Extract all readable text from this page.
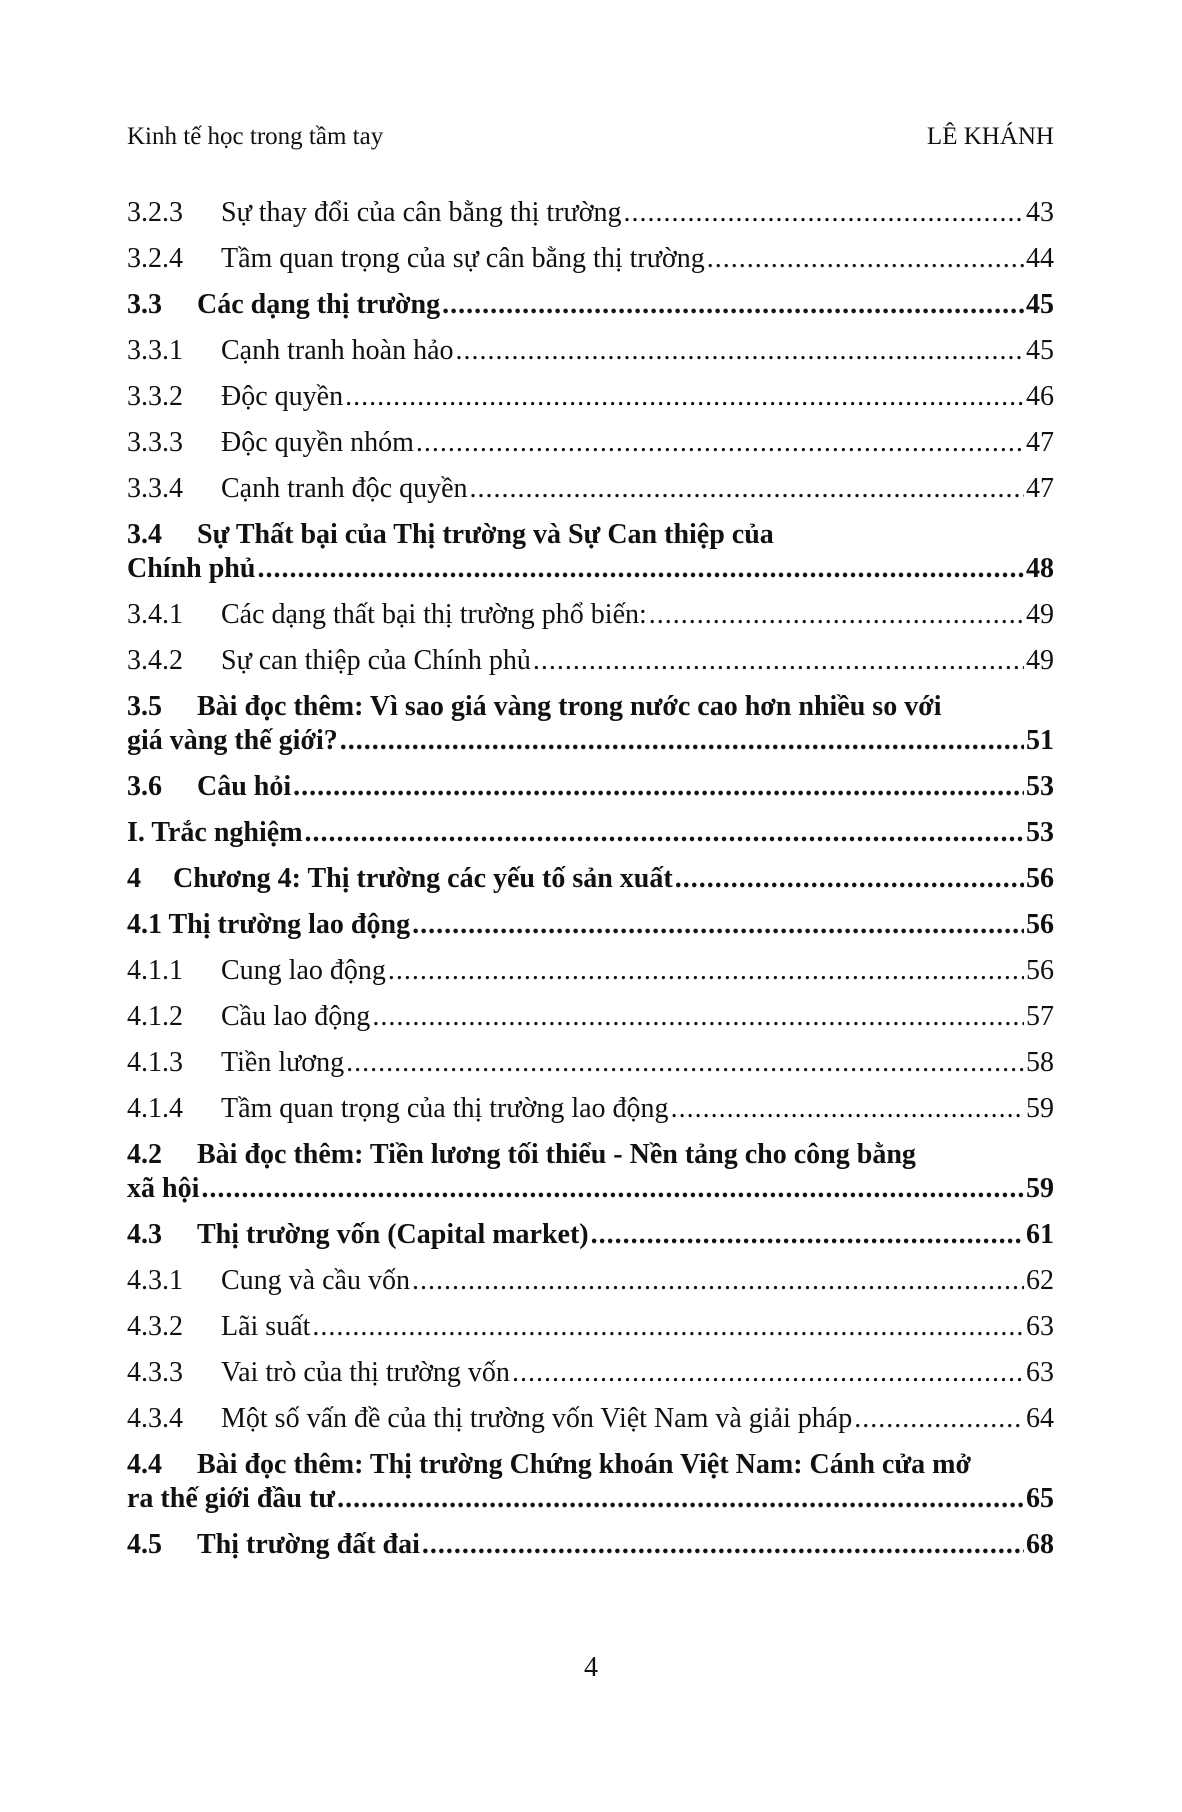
Kinh tế học trong tầm tay	LÊ KHÁNH
3.2.3	Sự thay đổi của cân bằng thị trường .....	43
3.2.4	Tầm quan trọng của sự cân bằng thị trường .....	44
3.3	Các dạng thị trường .....	45
3.3.1	Cạnh tranh hoàn hảo .....	45
3.3.2	Độc quyền .....	46
3.3.3	Độc quyền nhóm .....	47
3.3.4	Cạnh tranh độc quyền .....	47
3.4	Sự Thất bại của Thị trường và Sự Can thiệp của
Chính phủ .....	48
3.4.1	Các dạng thất bại thị trường phổ biến: .....	49
3.4.2	Sự can thiệp của Chính phủ .....	49
3.5	Bài đọc thêm: Vì sao giá vàng trong nước cao hơn nhiều so với
giá vàng thế giới? .....	51
3.6	Câu hỏi .....	53
I. Trắc nghiệm .....	53
4	Chương 4: Thị trường các yếu tố sản xuất .....	56
4.1 Thị trường lao động .....	56
4.1.1	Cung lao động .....	56
4.1.2	Cầu lao động .....	57
4.1.3	Tiền lương .....	58
4.1.4	Tầm quan trọng của thị trường lao động .....	59
4.2	Bài đọc thêm: Tiền lương tối thiểu - Nền tảng cho công bằng
xã hội .....	59
4.3	Thị trường vốn (Capital market) .....	61
4.3.1	Cung và cầu vốn .....	62
4.3.2	Lãi suất .....	63
4.3.3	Vai trò của thị trường vốn .....	63
4.3.4	Một số vấn đề của thị trường vốn Việt Nam và giải pháp .....	64
4.4	Bài đọc thêm: Thị trường Chứng khoán Việt Nam: Cánh cửa mở
ra thế giới đầu tư .....	65
4.5	Thị trường đất đai .....	68
4
